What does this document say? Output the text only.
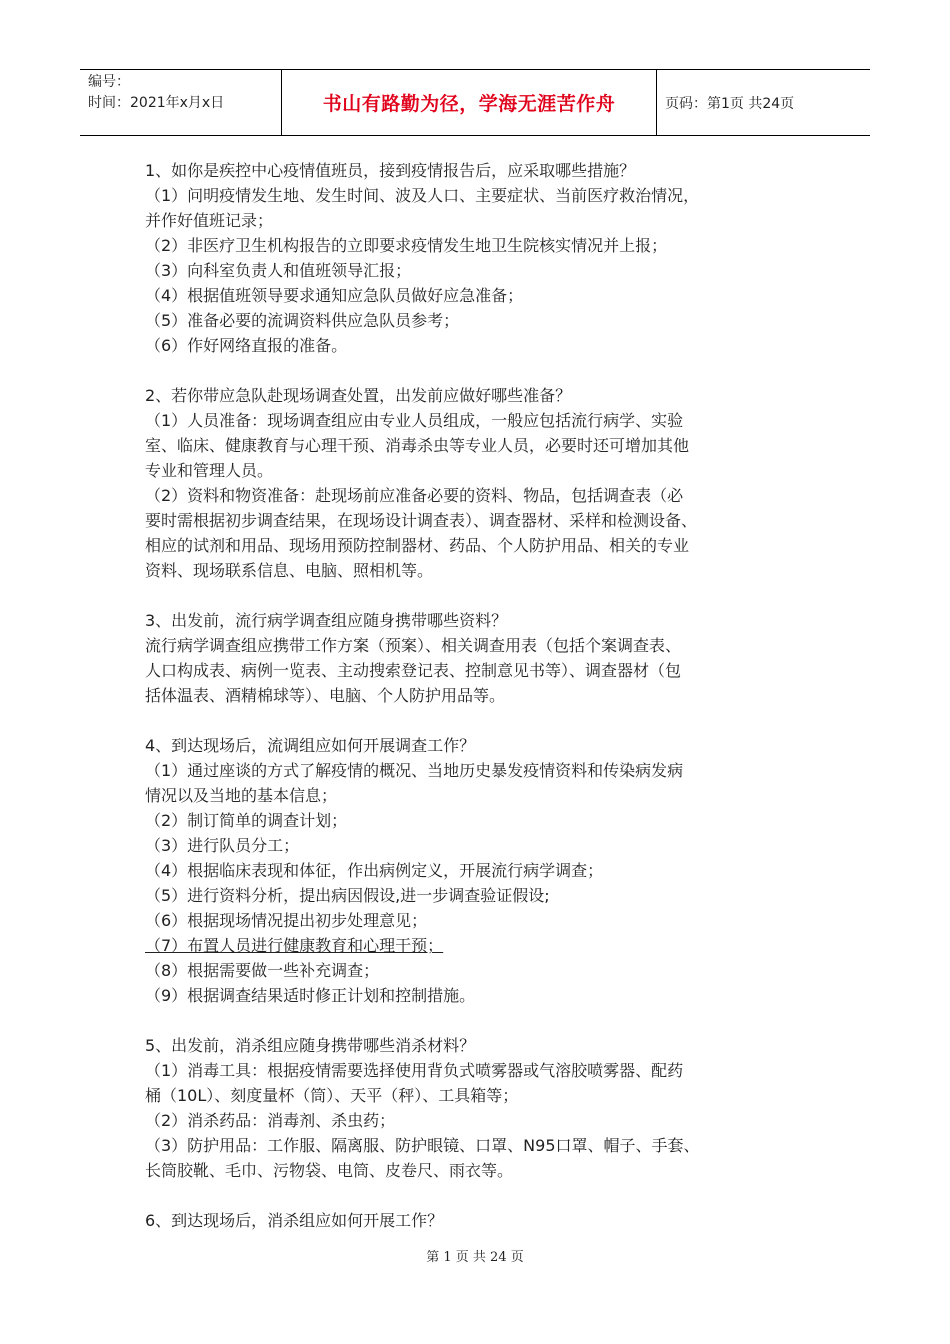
编号：
时间：2021年x月x日	书山有路勤为径，学海无涯苦作舟	页码：第1页 共24页

1、如你是疾控中心疫情值班员，接到疫情报告后，应采取哪些措施？

（1）问明疫情发生地、发生时间、波及人口、主要症状、当前医疗救治情况，

并作好值班记录；

（2）非医疗卫生机构报告的立即要求疫情发生地卫生院核实情况并上报；

（3）向科室负责人和值班领导汇报；

（4）根据值班领导要求通知应急队员做好应急准备；

（5）准备必要的流调资料供应急队员参考；

（6）作好网络直报的准备。

2、若你带应急队赴现场调查处置，出发前应做好哪些准备？

（1）人员准备：现场调查组应由专业人员组成，一般应包括流行病学、实验

室、临床、健康教育与心理干预、消毒杀虫等专业人员，必要时还可增加其他

专业和管理人员。

（2）资料和物资准备：赴现场前应准备必要的资料、物品，包括调查表（必

要时需根据初步调查结果，在现场设计调查表）、调查器材、采样和检测设备、

相应的试剂和用品、现场用预防控制器材、药品、个人防护用品、相关的专业

资料、现场联系信息、电脑、照相机等。

3、出发前，流行病学调查组应随身携带哪些资料？

流行病学调查组应携带工作方案（预案）、相关调查用表（包括个案调查表、

人口构成表、病例一览表、主动搜索登记表、控制意见书等）、调查器材（包

括体温表、酒精棉球等）、电脑、个人防护用品等。

4、到达现场后，流调组应如何开展调查工作？

（1）通过座谈的方式了解疫情的概况、当地历史暴发疫情资料和传染病发病

情况以及当地的基本信息；

（2）制订简单的调查计划；

（3）进行队员分工；

（4）根据临床表现和体征，作出病例定义，开展流行病学调查；

（5）进行资料分析，提出病因假设,进一步调查验证假设;

（6）根据现场情况提出初步处理意见；

（7）布置人员进行健康教育和心理干预；

（8）根据需要做一些补充调查；

（9）根据调查结果适时修正计划和控制措施。

5、出发前，消杀组应随身携带哪些消杀材料？

（1）消毒工具：根据疫情需要选择使用背负式喷雾器或气溶胶喷雾器、配药

桶（10L）、刻度量杯（筒）、天平（秤）、工具箱等；

（2）消杀药品：消毒剂、杀虫药；

（3）防护用品：工作服、隔离服、防护眼镜、口罩、N95口罩、帽子、手套、

长筒胶靴、毛巾、污物袋、电筒、皮卷尺、雨衣等。

6、到达现场后，消杀组应如何开展工作？

第 1 页 共 24 页
